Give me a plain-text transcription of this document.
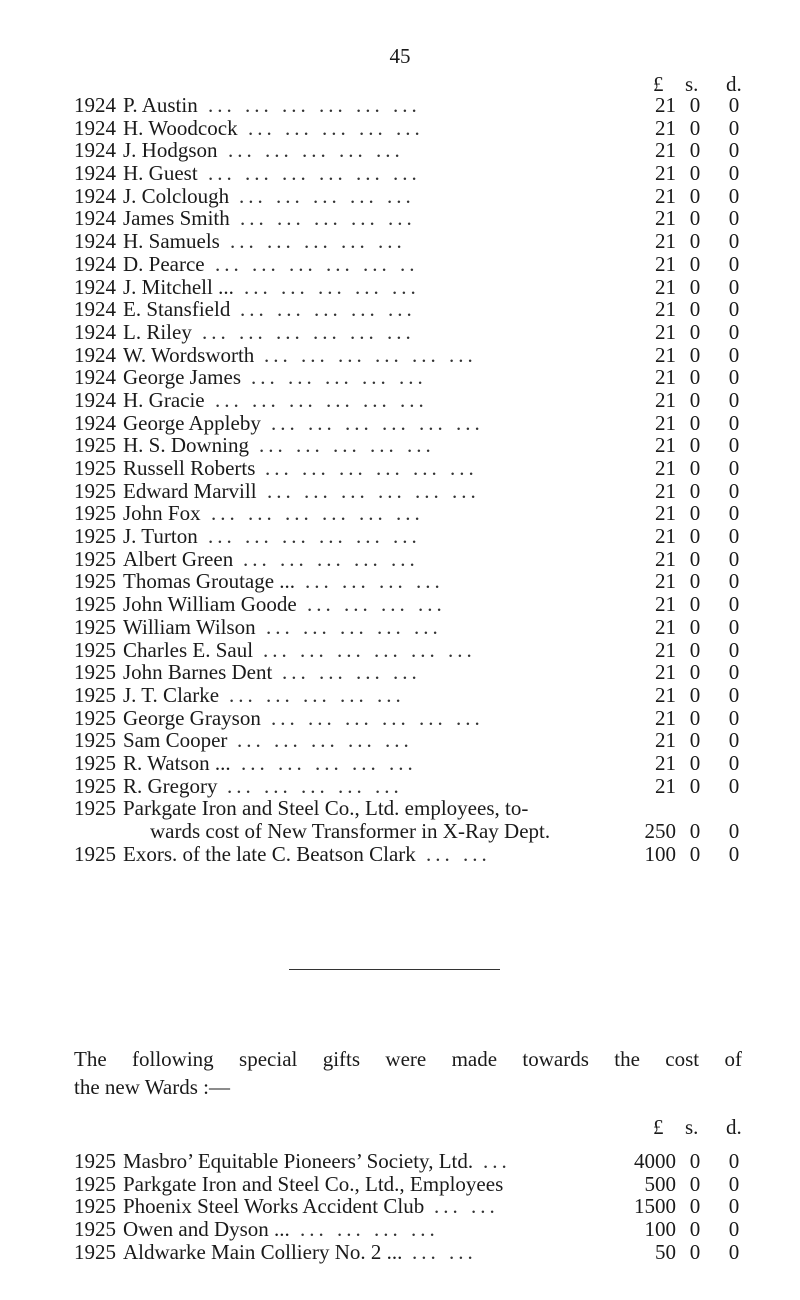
45
£ s. d.
1924 P. Austin ... ... ... ... ... ...	21 0 0
1924 H. Woodcock ... ... ... ... ...	21 0 0
1924 J. Hodgson ... ... ... ... ...	21 0 0
1924 H. Guest ... ... ... ... ... ...	21 0 0
1924 J. Colclough ... ... ... ... ...	21 0 0
1924 James Smith ... ... ... ... ...	21 0 0
1924 H. Samuels ... ... ... ... ...	21 0 0
1924 D. Pearce ... ... ... ... ... ..	21 0 0
1924 J. Mitchell ... ... ... ... ... ...	21 0 0
1924 E. Stansfield ... ... ... ... ...	21 0 0
1924 L. Riley ... ... ... ... ... ...	21 0 0
1924 W. Wordsworth ... ... ... ... ... ...	21 0 0
1924 George James ... ... ... ... ...	21 0 0
1924 H. Gracie ... ... ... ... ... ...	21 0 0
1924 George Appleby ... ... ... ... ... ...	21 0 0
1925 H. S. Downing ... ... ... ... ...	21 0 0
1925 Russell Roberts ... ... ... ... ... ...	21 0 0
1925 Edward Marvill ... ... ... ... ... ...	21 0 0
1925 John Fox ... ... ... ... ... ...	21 0 0
1925 J. Turton ... ... ... ... ... ...	21 0 0
1925 Albert Green ... ... ... ... ...	21 0 0
1925 Thomas Groutage ... ... ... ... ...	21 0 0
1925 John William Goode ... ... ... ...	21 0 0
1925 William Wilson ... ... ... ... ...	21 0 0
1925 Charles E. Saul ... ... ... ... ... ...	21 0 0
1925 John Barnes Dent ... ... ... ...	21 0 0
1925 J. T. Clarke ... ... ... ... ...	21 0 0
1925 George Grayson ... ... ... ... ... ...	21 0 0
1925 Sam Cooper ... ... ... ... ...	21 0 0
1925 R. Watson ... ... ... ... ... ...	21 0 0
1925 R. Gregory ... ... ... ... ...	21 0 0
1925 Parkgate Iron and Steel Co., Ltd. employees, to-
wards cost of New Transformer in X-Ray Dept.	250 0 0
1925 Exors. of the late C. Beatson Clark ... ...	100 0 0
The following special gifts were made towards the cost of
the new Wards :—
£ s. d.
1925 Masbro’ Equitable Pioneers’ Society, Ltd. ...	4000 0 0
1925 Parkgate Iron and Steel Co., Ltd., Employees	500 0 0
1925 Phoenix Steel Works Accident Club ... ...	1500 0 0
1925 Owen and Dyson ... ... ... ... ...	100 0 0
1925 Aldwarke Main Colliery No. 2 ... ... ...	50 0 0
